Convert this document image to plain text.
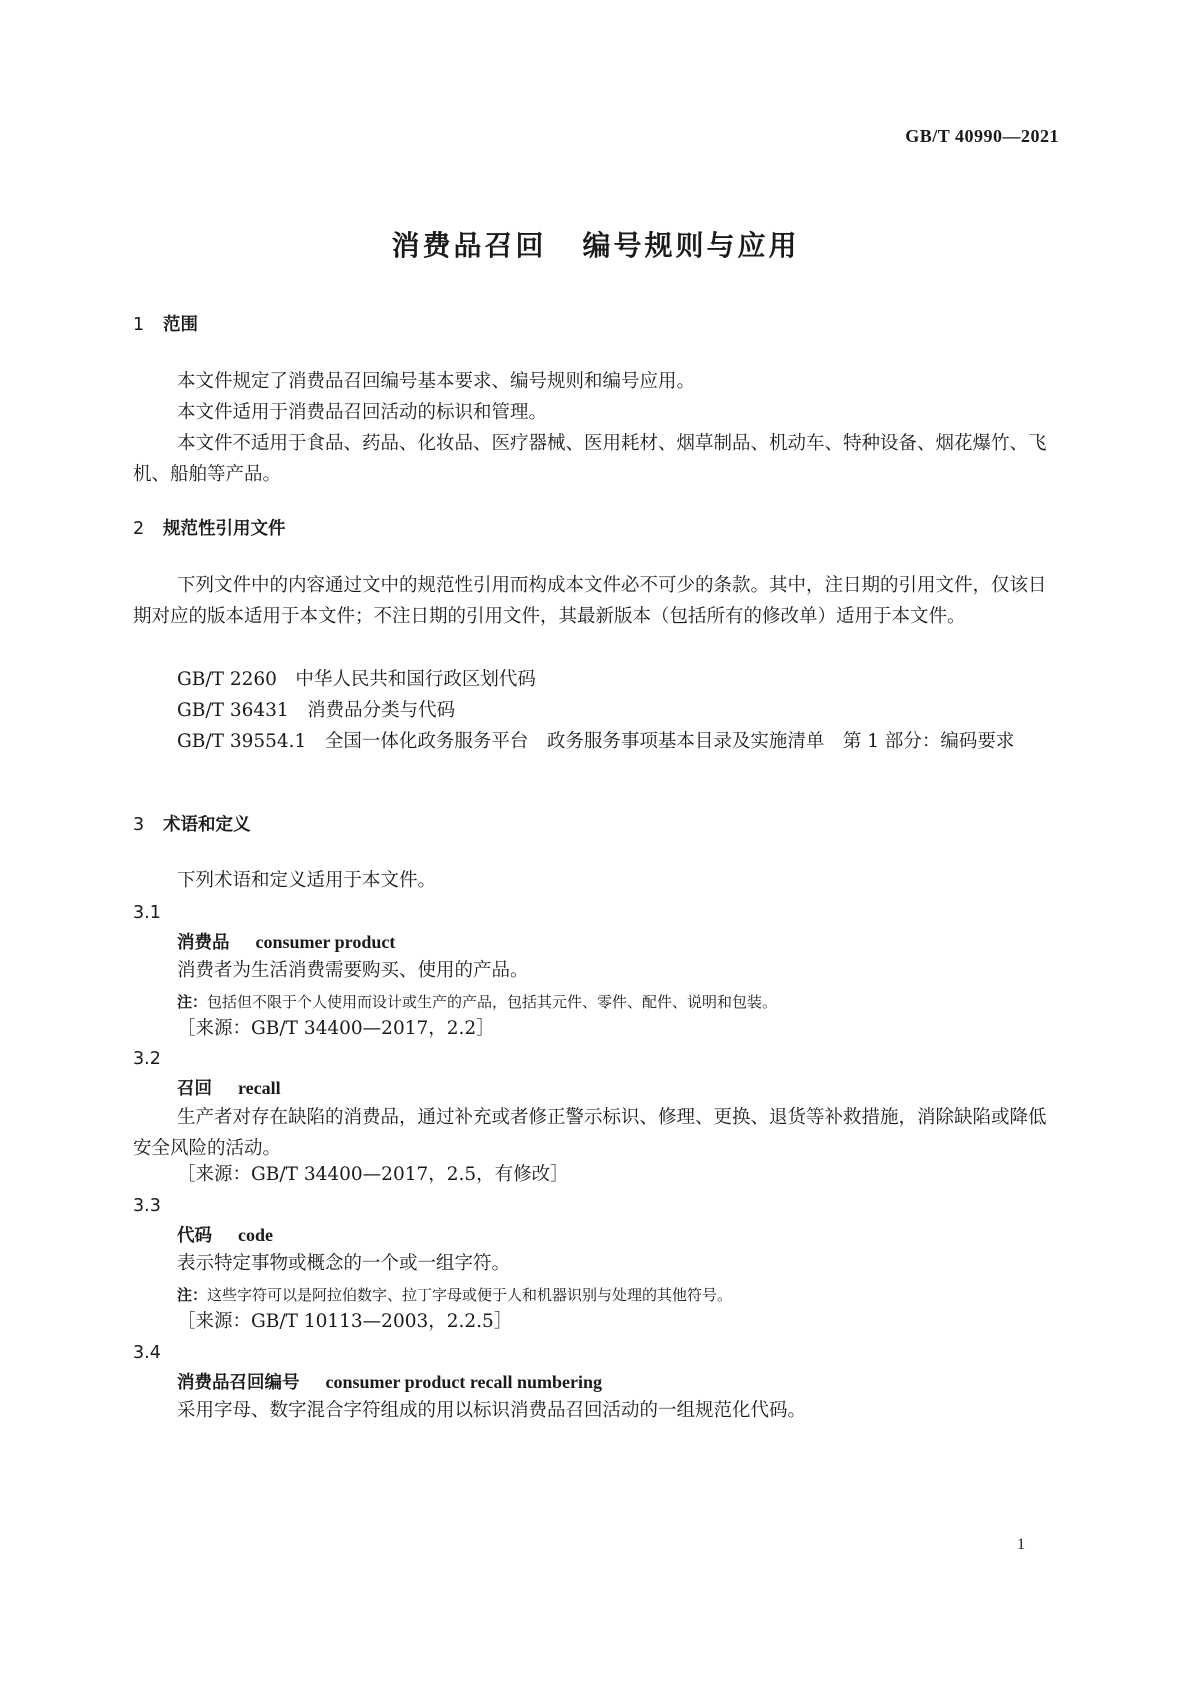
GB/T 40990—2021
消费品召回 编号规则与应用
1 范围
本文件规定了消费品召回编号基本要求、编号规则和编号应用。
本文件适用于消费品召回活动的标识和管理。
本文件不适用于食品、药品、化妆品、医疗器械、医用耗材、烟草制品、机动车、特种设备、烟花爆竹、飞机、船舶等产品。
2 规范性引用文件
下列文件中的内容通过文中的规范性引用而构成本文件必不可少的条款。其中，注日期的引用文件，仅该日期对应的版本适用于本文件；不注日期的引用文件，其最新版本（包括所有的修改单）适用于本文件。
GB/T 2260　中华人民共和国行政区划代码
GB/T 36431　消费品分类与代码
GB/T 39554.1　全国一体化政务服务平台　政务服务事项基本目录及实施清单　第 1 部分：编码要求
3 术语和定义
下列术语和定义适用于本文件。
3.1
消费品 consumer product
消费者为生活消费需要购买、使用的产品。
注：包括但不限于个人使用而设计或生产的产品，包括其元件、零件、配件、说明和包装。
［来源：GB/T 34400—2017，2.2］
3.2
召回 recall
生产者对存在缺陷的消费品，通过补充或者修正警示标识、修理、更换、退货等补救措施，消除缺陷或降低安全风险的活动。
［来源：GB/T 34400—2017，2.5，有修改］
3.3
代码 code
表示特定事物或概念的一个或一组字符。
注：这些字符可以是阿拉伯数字、拉丁字母或便于人和机器识别与处理的其他符号。
［来源：GB/T 10113—2003，2.2.5］
3.4
消费品召回编号 consumer product recall numbering
采用字母、数字混合字符组成的用以标识消费品召回活动的一组规范化代码。
1
